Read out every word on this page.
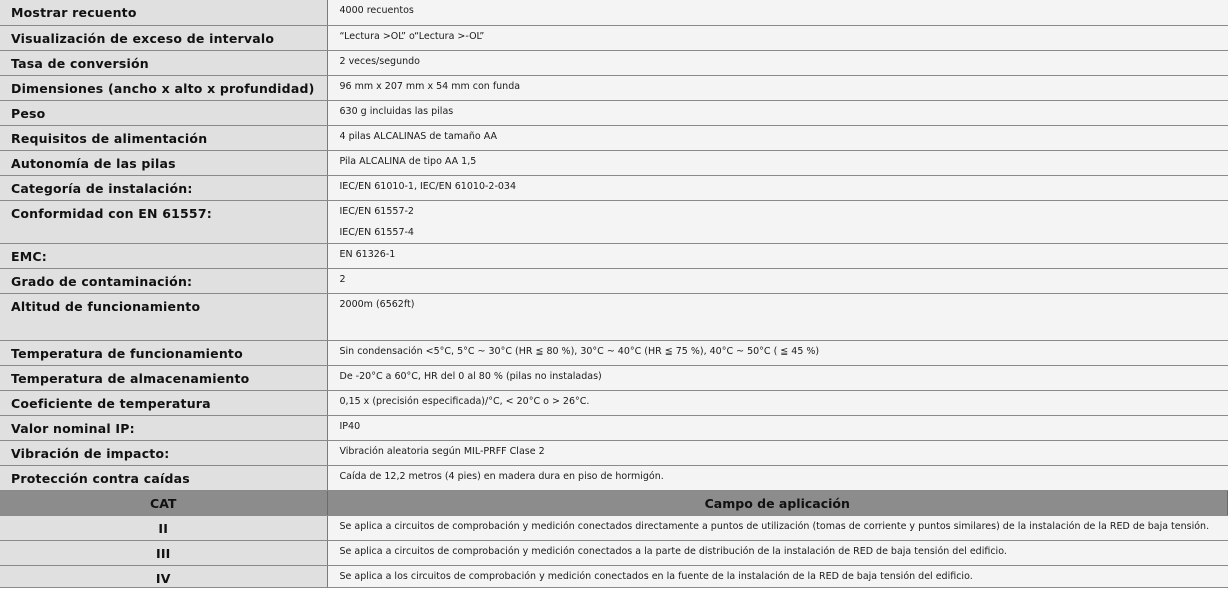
Mostrar recuento	4000 recuentos

Visualización de exceso de intervalo	“Lectura >OL” o“Lectura >-OL”

Tasa de conversión	2 veces/segundo

Dimensiones (ancho x alto x profundidad)	96 mm x 207 mm x 54 mm con funda

Peso	630 g incluidas las pilas

Requisitos de alimentación	4 pilas ALCALINAS de tamaño AA

Autonomía de las pilas	Pila ALCALINA de tipo AA 1,5

Categoría de instalación:	IEC/EN 61010-1, IEC/EN 61010-2-034

Conformidad con EN 61557:	IEC/EN 61557-2
IEC/EN 61557-4

EMC:	EN 61326-1

Grado de contaminación:	2

Altitud de funcionamiento	2000m (6562ft)

Temperatura de funcionamiento	Sin condensación <5°C, 5°C ~ 30°C (HR ≦ 80 %), 30°C ~ 40°C (HR ≦ 75 %), 40°C ~ 50°C ( ≦ 45 %)

Temperatura de almacenamiento	De -20°C a 60°C, HR del 0 al 80 % (pilas no instaladas)

Coeficiente de temperatura	0,15 x (precisión especificada)/°C, < 20°C o > 26°C.

Valor nominal IP:	IP40

Vibración de impacto:	Vibración aleatoria según MIL-PRFF Clase 2

Protección contra caídas	Caída de 12,2 metros (4 pies) en madera dura en piso de hormigón.

CAT	Campo de aplicación
II	Se aplica a circuitos de comprobación y medición conectados directamente a puntos de utilización (tomas de corriente y puntos similares) de la instalación de la RED de baja tensión.

III	Se aplica a circuitos de comprobación y medición conectados a la parte de distribución de la instalación de RED de baja tensión del edificio.

IV	Se aplica a los circuitos de comprobación y medición conectados en la fuente de la instalación de la RED de baja tensión del edificio.
